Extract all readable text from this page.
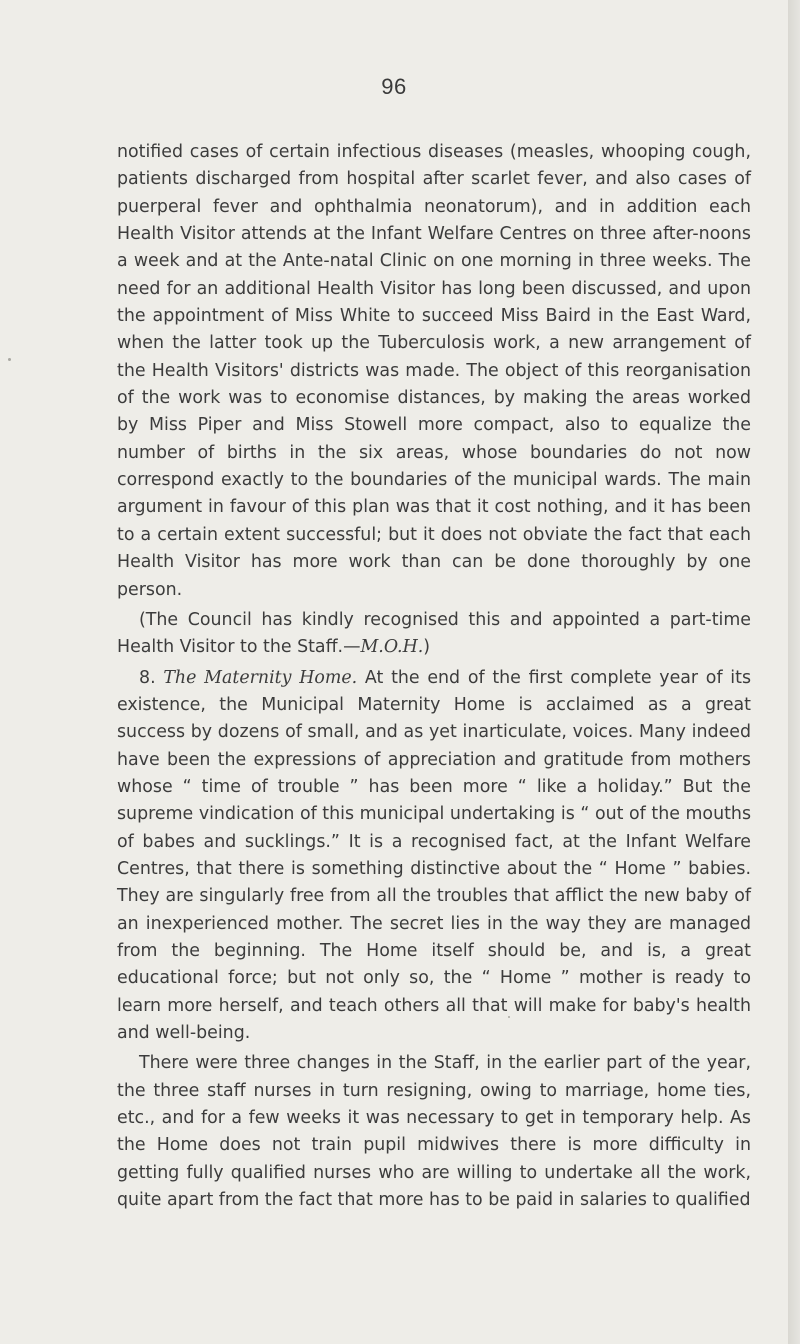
96

notified cases of certain infectious diseases (measles, whooping cough, patients discharged from hospital after scarlet fever, and also cases of puerperal fever and ophthalmia neonatorum), and in addition each Health Visitor attends at the Infant Welfare Centres on three after-noons a week and at the Ante-natal Clinic on one morning in three weeks. The need for an additional Health Visitor has long been discussed, and upon the appointment of Miss White to succeed Miss Baird in the East Ward, when the latter took up the Tuberculosis work, a new arrangement of the Health Visitors' districts was made. The object of this reorganisation of the work was to economise distances, by making the areas worked by Miss Piper and Miss Stowell more compact, also to equalize the number of births in the six areas, whose boundaries do not now correspond exactly to the boundaries of the municipal wards. The main argument in favour of this plan was that it cost nothing, and it has been to a certain extent successful; but it does not obviate the fact that each Health Visitor has more work than can be done thoroughly by one person.

(The Council has kindly recognised this and appointed a part-time Health Visitor to the Staff.—M.O.H.)

8. The Maternity Home. At the end of the first complete year of its existence, the Municipal Maternity Home is acclaimed as a great success by dozens of small, and as yet inarticulate, voices. Many indeed have been the expressions of appreciation and gratitude from mothers whose “ time of trouble ” has been more “ like a holiday.” But the supreme vindication of this municipal undertaking is “ out of the mouths of babes and sucklings.” It is a recognised fact, at the Infant Welfare Centres, that there is something distinctive about the “ Home ” babies. They are singularly free from all the troubles that afflict the new baby of an inexperienced mother. The secret lies in the way they are managed from the beginning. The Home itself should be, and is, a great educational force; but not only so, the “ Home ” mother is ready to learn more herself, and teach others all that will make for baby's health and well-being.

There were three changes in the Staff, in the earlier part of the year, the three staff nurses in turn resigning, owing to marriage, home ties, etc., and for a few weeks it was necessary to get in temporary help. As the Home does not train pupil midwives there is more difficulty in getting fully qualified nurses who are willing to undertake all the work, quite apart from the fact that more has to be paid in salaries to qualified
